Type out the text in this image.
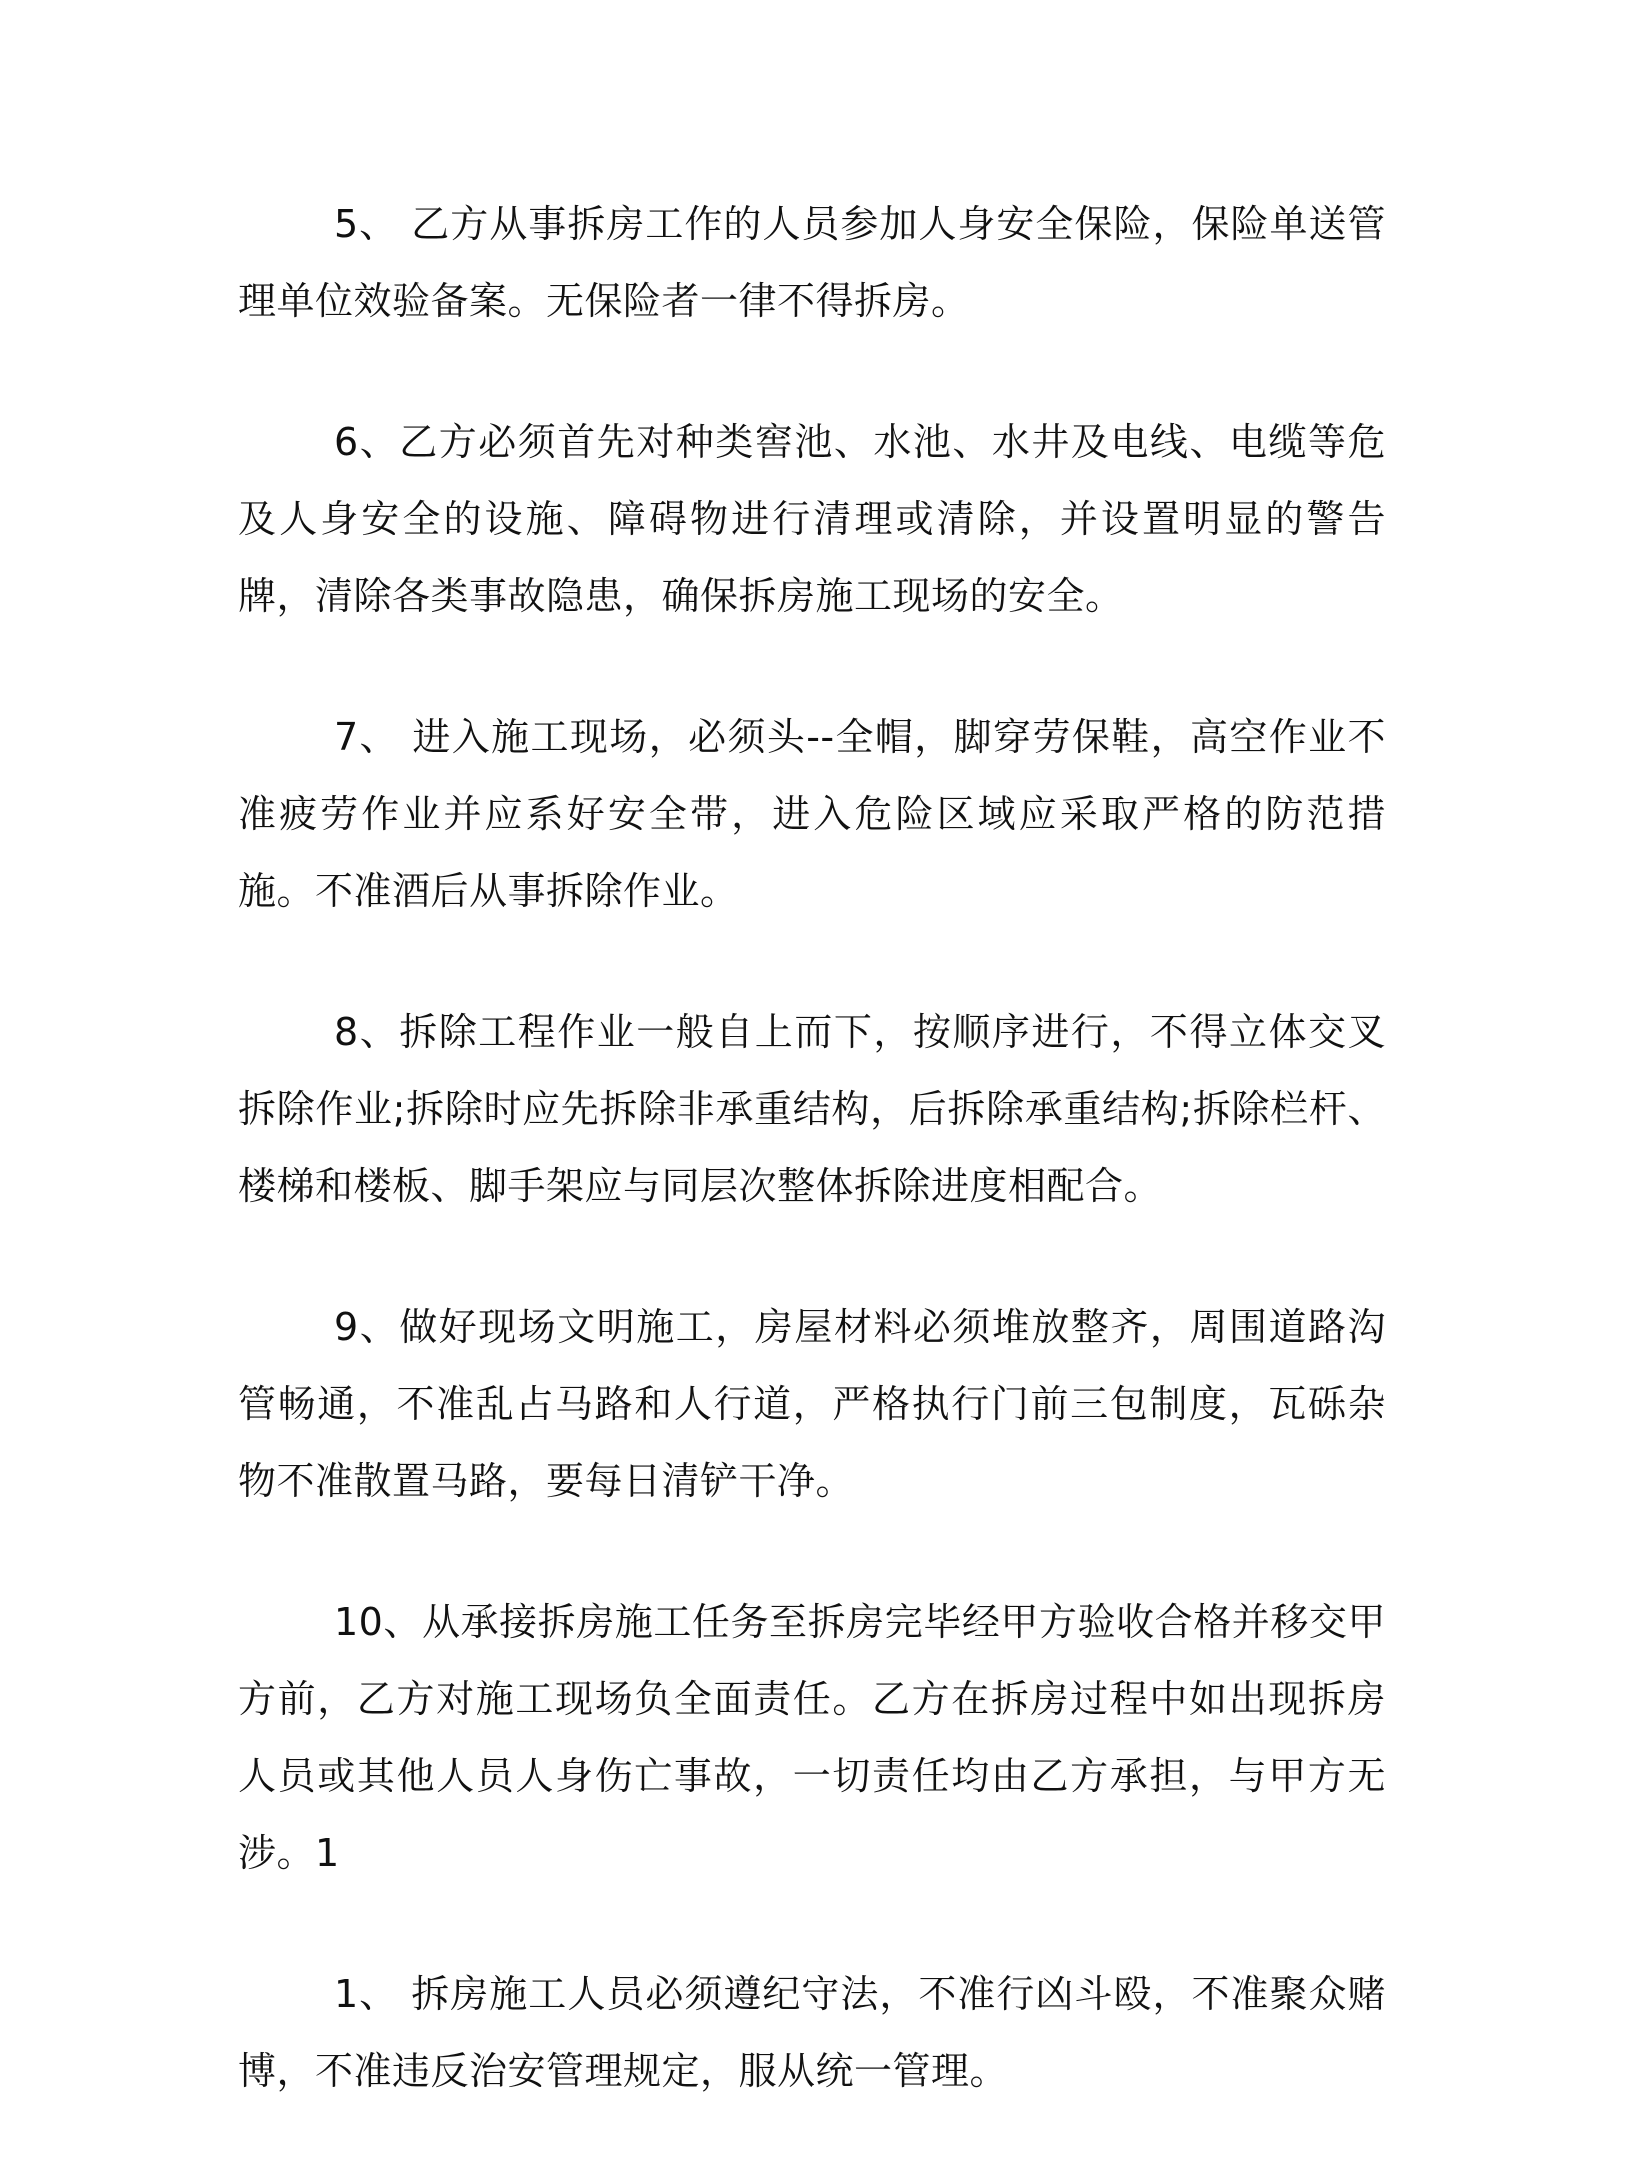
5、 乙方从事拆房工作的人员参加人身安全保险，保险单送管理单位效验备案。无保险者一律不得拆房。

6、乙方必须首先对种类窖池、水池、水井及电线、电缆等危及人身安全的设施、障碍物进行清理或清除，并设置明显的警告牌，清除各类事故隐患，确保拆房施工现场的安全。

7、 进入施工现场，必须头--全帽，脚穿劳保鞋，高空作业不准疲劳作业并应系好安全带，进入危险区域应采取严格的防范措施。不准酒后从事拆除作业。

8、拆除工程作业一般自上而下，按顺序进行，不得立体交叉拆除作业;拆除时应先拆除非承重结构，后拆除承重结构;拆除栏杆、楼梯和楼板、脚手架应与同层次整体拆除进度相配合。

9、做好现场文明施工，房屋材料必须堆放整齐，周围道路沟管畅通，不准乱占马路和人行道，严格执行门前三包制度，瓦砾杂物不准散置马路，要每日清铲干净。

10、从承接拆房施工任务至拆房完毕经甲方验收合格并移交甲方前，乙方对施工现场负全面责任。乙方在拆房过程中如出现拆房人员或其他人员人身伤亡事故，一切责任均由乙方承担，与甲方无涉。1

1、 拆房施工人员必须遵纪守法，不准行凶斗殴，不准聚众赌博，不准违反治安管理规定，服从统一管理。
